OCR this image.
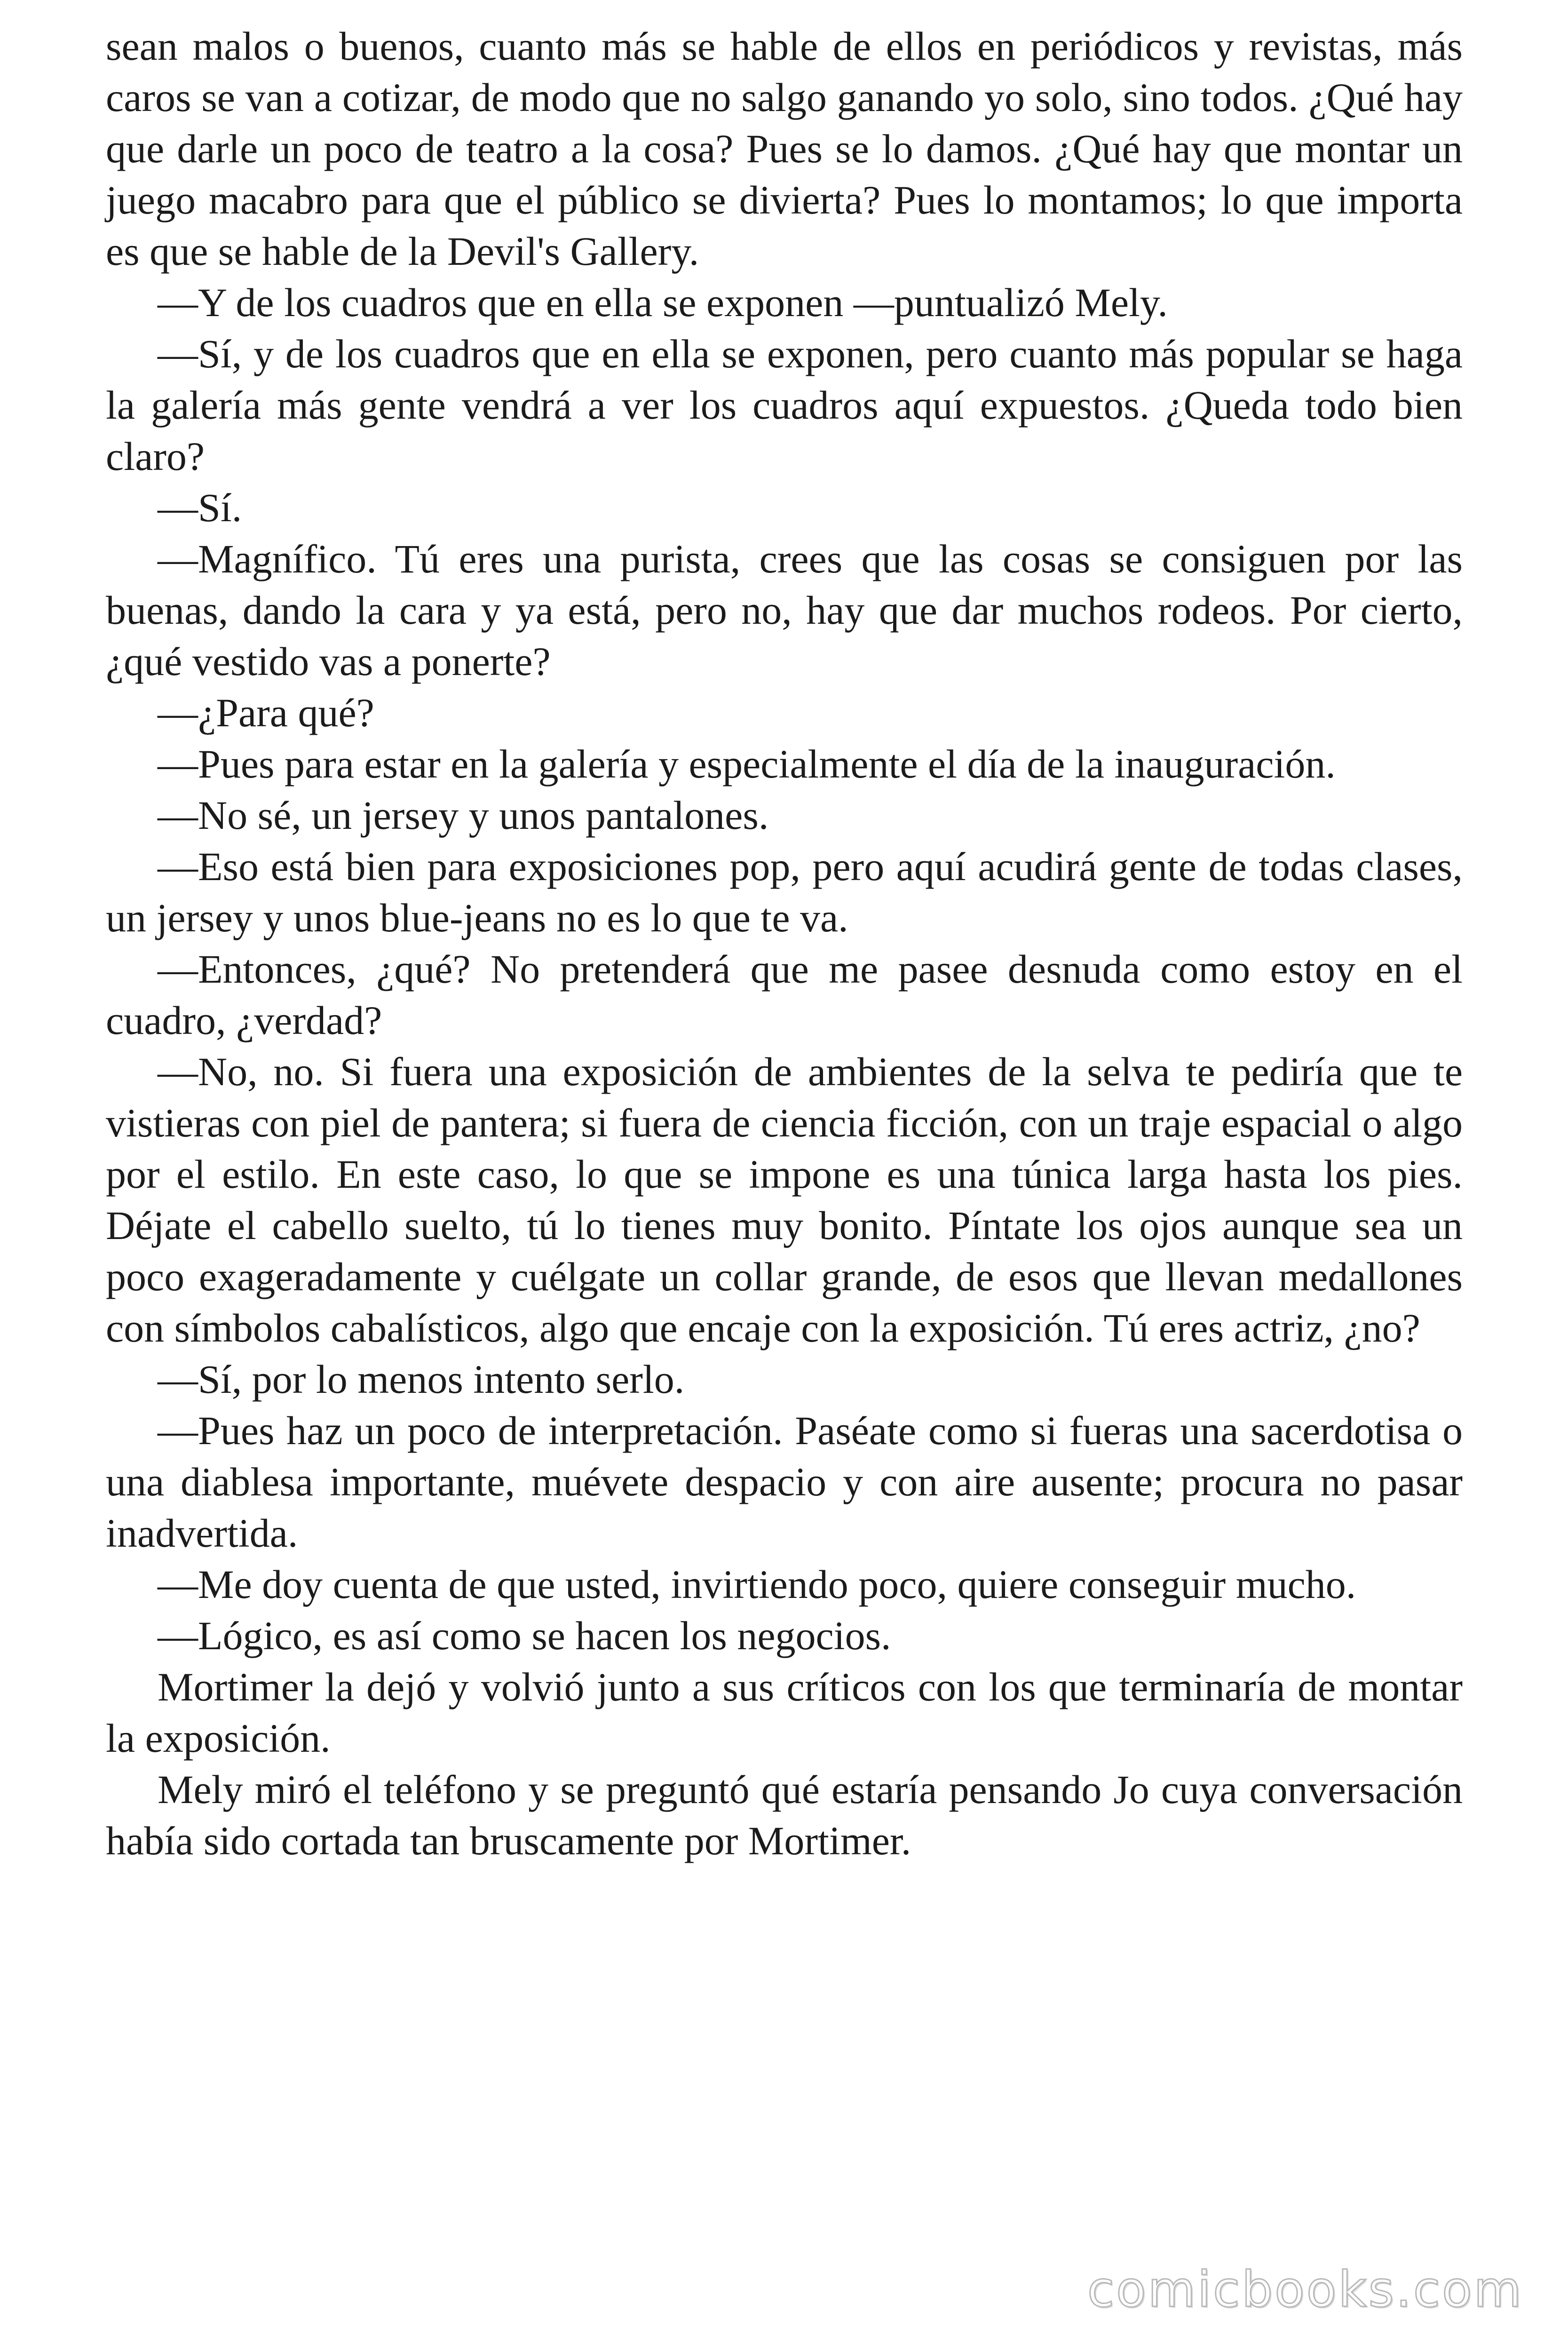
sean malos o buenos, cuanto más se hable de ellos en periódicos y revistas, más caros se van a cotizar, de modo que no salgo ganando yo solo, sino todos. ¿Qué hay que darle un poco de teatro a la cosa? Pues se lo damos. ¿Qué hay que montar un juego macabro para que el público se divierta? Pues lo montamos; lo que importa es que se hable de la Devil's Gallery.

—Y de los cuadros que en ella se exponen —puntualizó Mely.

—Sí, y de los cuadros que en ella se exponen, pero cuanto más popular se haga la galería más gente vendrá a ver los cuadros aquí expuestos. ¿Queda todo bien claro?

—Sí.

—Magnífico. Tú eres una purista, crees que las cosas se consiguen por las buenas, dando la cara y ya está, pero no, hay que dar muchos rodeos. Por cierto, ¿qué vestido vas a ponerte?

—¿Para qué?

—Pues para estar en la galería y especialmente el día de la inauguración.

—No sé, un jersey y unos pantalones.

—Eso está bien para exposiciones pop, pero aquí acudirá gente de todas clases, un jersey y unos blue-jeans no es lo que te va.

—Entonces, ¿qué? No pretenderá que me pasee desnuda como estoy en el cuadro, ¿verdad?

—No, no. Si fuera una exposición de ambientes de la selva te pediría que te vistieras con piel de pantera; si fuera de ciencia ficción, con un traje espacial o algo por el estilo. En este caso, lo que se impone es una túnica larga hasta los pies. Déjate el cabello suelto, tú lo tienes muy bonito. Píntate los ojos aunque sea un poco exageradamente y cuélgate un collar grande, de esos que llevan medallones con símbolos cabalísticos, algo que encaje con la exposición. Tú eres actriz, ¿no?

—Sí, por lo menos intento serlo.

—Pues haz un poco de interpretación. Paséate como si fueras una sacerdotisa o una diablesa importante, muévete despacio y con aire ausente; procura no pasar inadvertida.

—Me doy cuenta de que usted, invirtiendo poco, quiere conseguir mucho.

—Lógico, es así como se hacen los negocios.

Mortimer la dejó y volvió junto a sus críticos con los que terminaría de montar la exposición.

Mely miró el teléfono y se preguntó qué estaría pensando Jo cuya conversación había sido cortada tan bruscamente por Mortimer.

comicbooks.com
